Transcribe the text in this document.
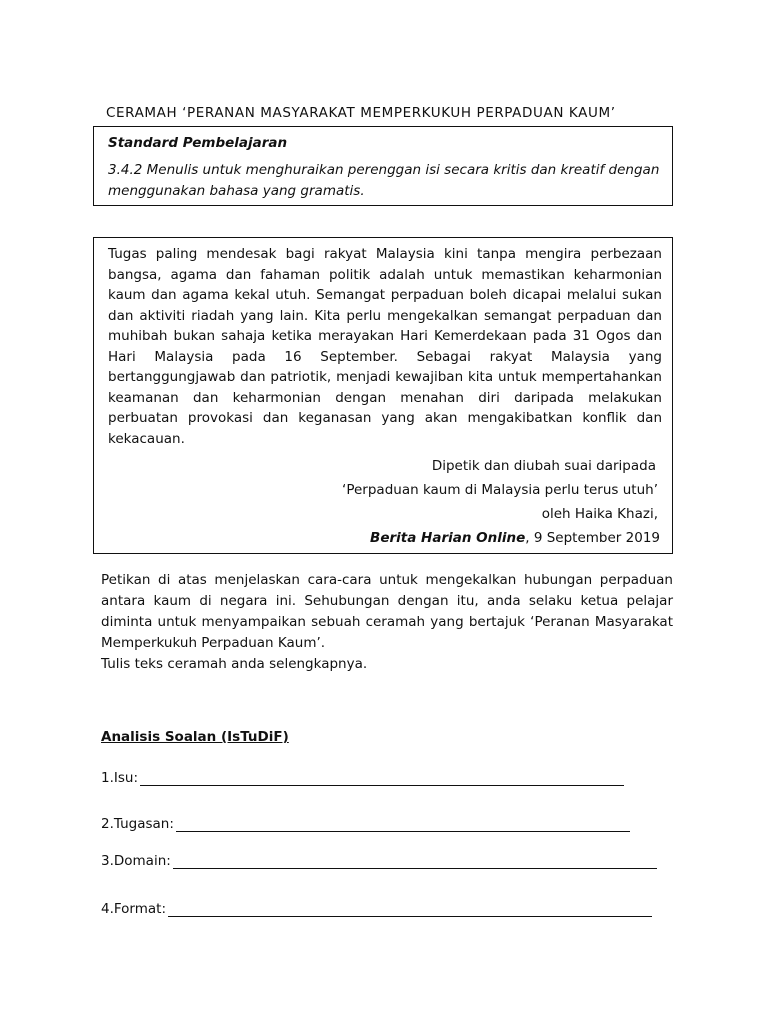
CERAMAH ‘PERANAN MASYARAKAT MEMPERKUKUH PERPADUAN KAUM’
Standard Pembelajaran
3.4.2 Menulis untuk menghuraikan perenggan isi secara kritis dan kreatif dengan menggunakan bahasa yang gramatis.
Tugas paling mendesak bagi rakyat Malaysia kini tanpa mengira perbezaan bangsa, agama dan fahaman politik adalah untuk memastikan keharmonian kaum dan agama kekal utuh. Semangat perpaduan boleh dicapai melalui sukan dan aktiviti riadah yang lain. Kita perlu mengekalkan semangat perpaduan dan muhibah bukan sahaja ketika merayakan Hari Kemerdekaan pada 31 Ogos dan Hari Malaysia pada 16 September. Sebagai rakyat Malaysia yang bertanggungjawab dan patriotik, menjadi kewajiban kita untuk mempertahankan keamanan dan keharmonian dengan menahan diri daripada melakukan perbuatan provokasi dan keganasan yang akan mengakibatkan konflik dan kekacauan.
Dipetik dan diubah suai daripada
‘Perpaduan kaum di Malaysia perlu terus utuh’
oleh Haika Khazi,
Berita Harian Online, 9 September 2019
Petikan di atas menjelaskan cara-cara untuk mengekalkan hubungan perpaduan antara kaum di negara ini. Sehubungan dengan itu, anda selaku ketua pelajar diminta untuk menyampaikan sebuah ceramah yang bertajuk ‘Peranan Masyarakat Memperkukuh Perpaduan Kaum’.
Tulis teks ceramah anda selengkapnya.
Analisis Soalan (IsTuDiF)
1.Isu:
2.Tugasan:
3.Domain:
4.Format:
